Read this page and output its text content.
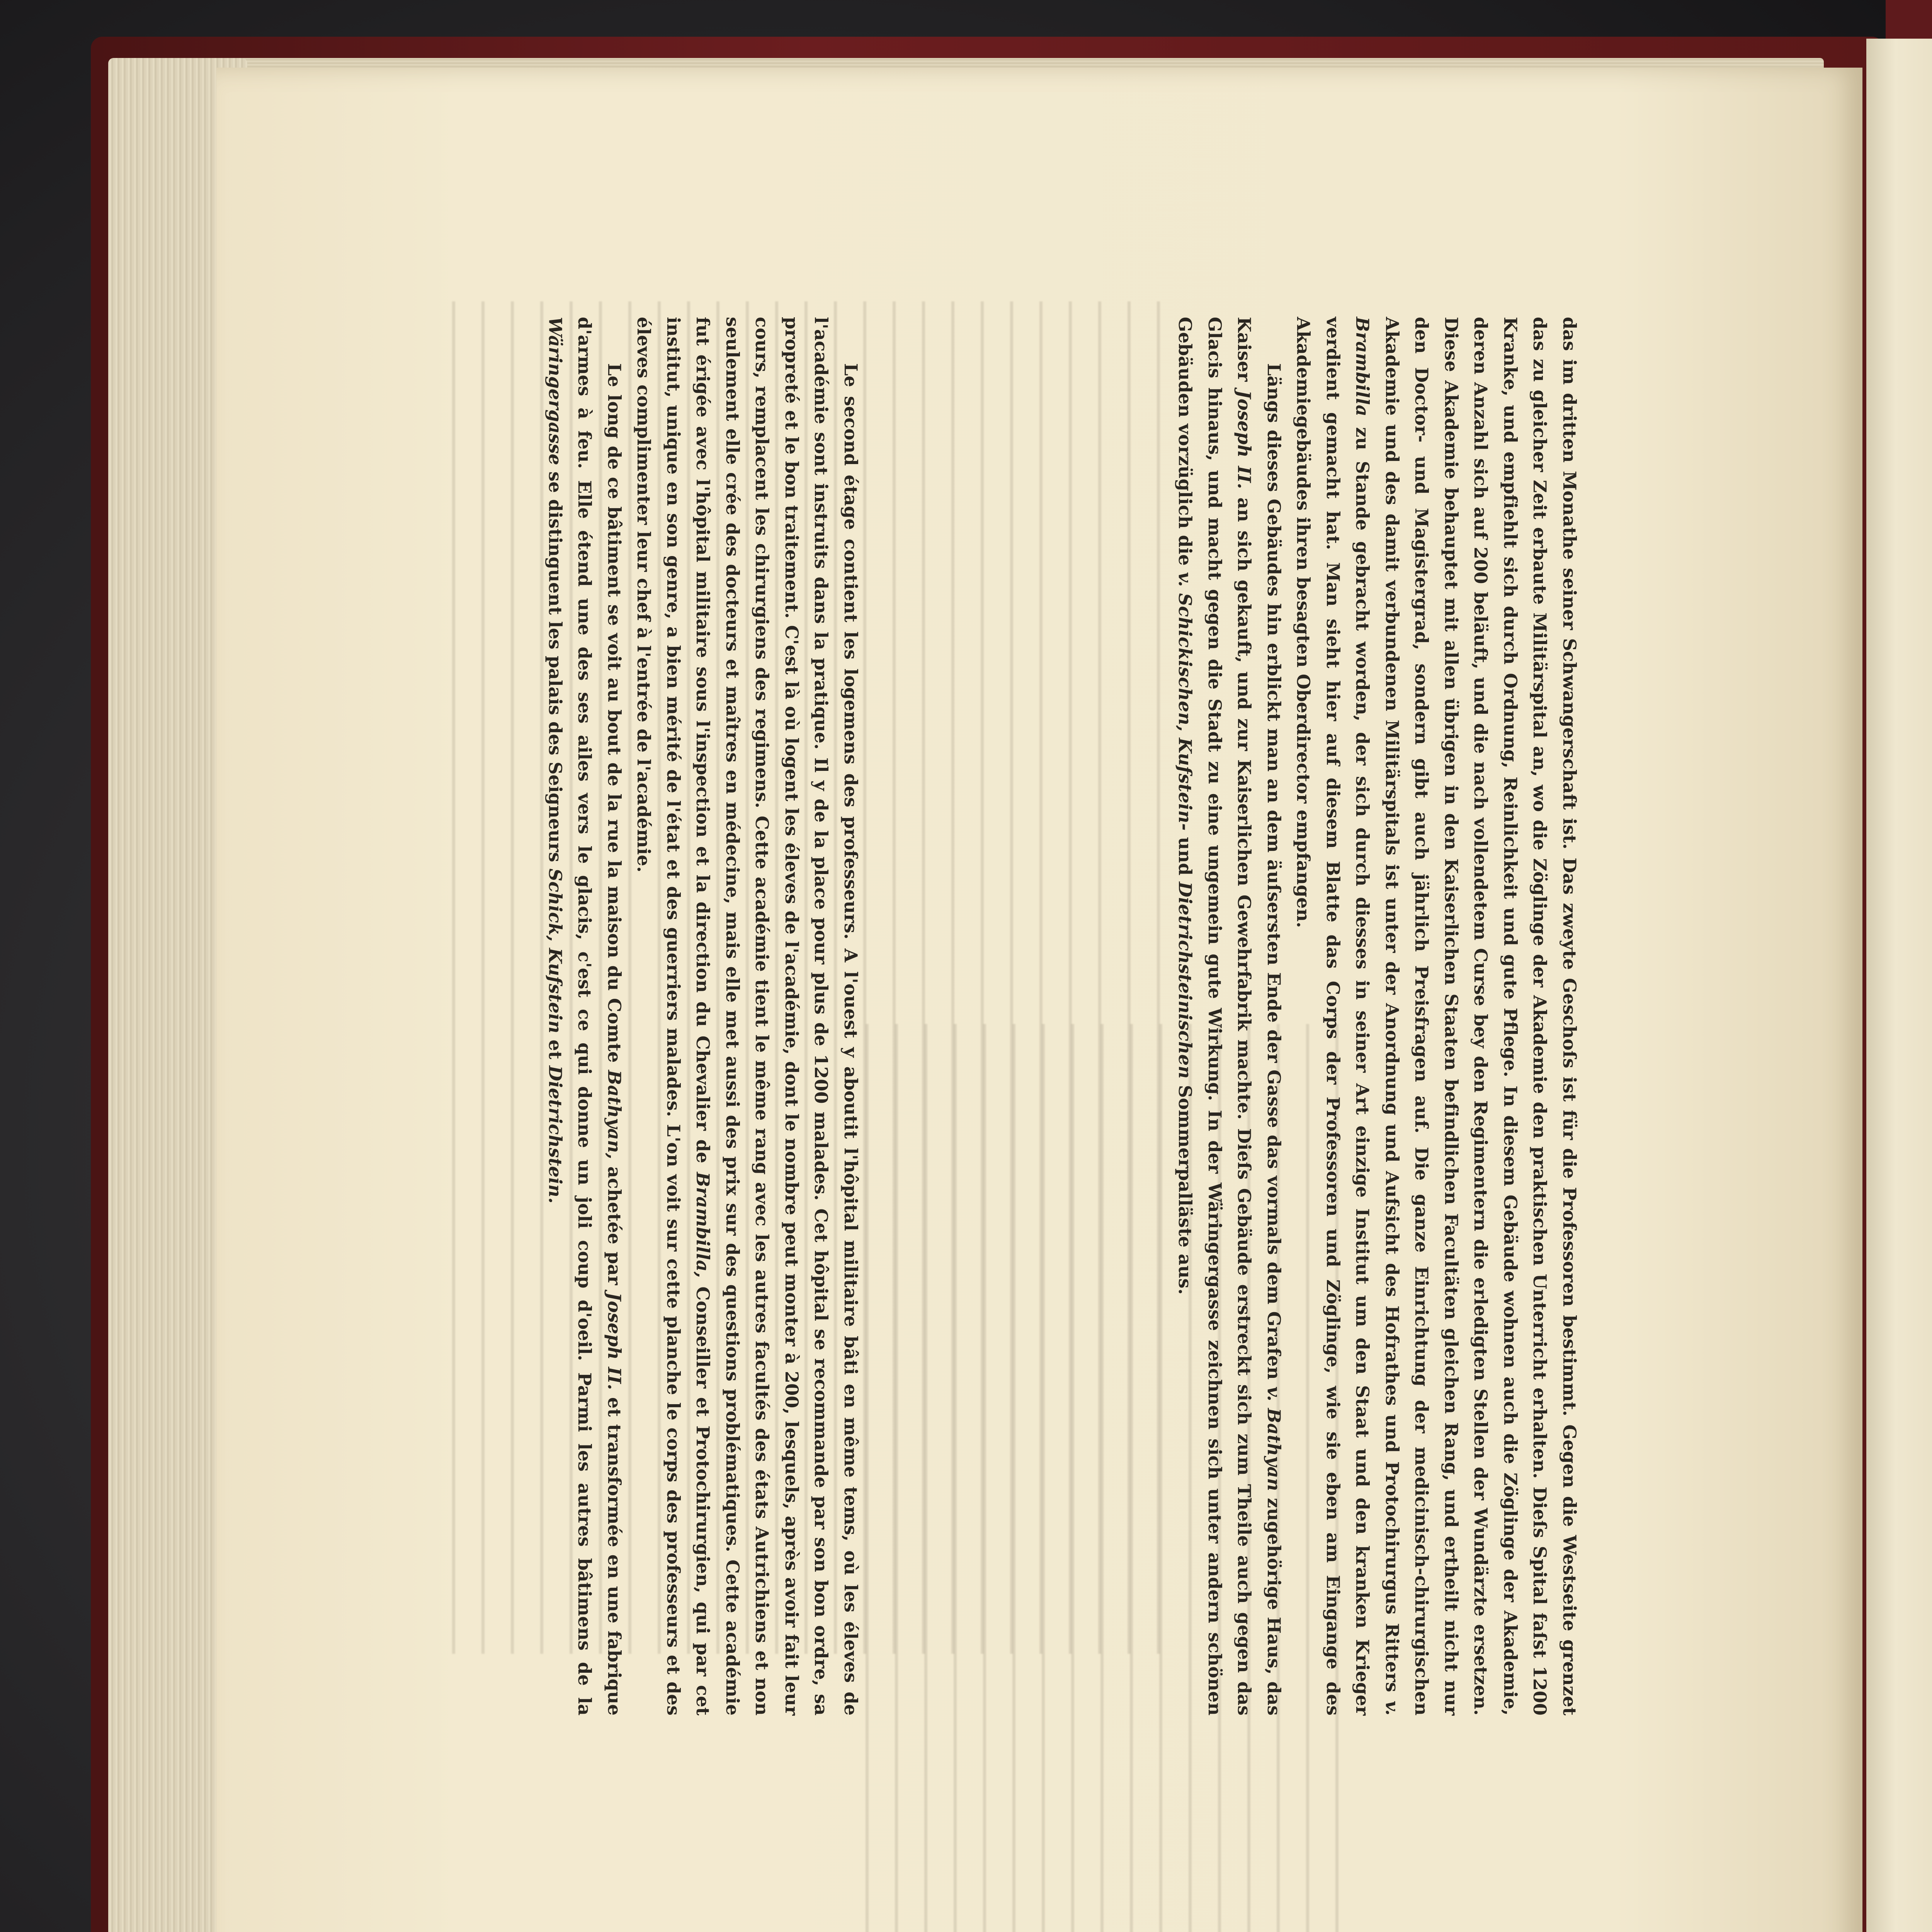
das im dritten Monathe seiner Schwangerschaft ist. Das zweyte Geschoſs ist für die Professoren bestimmt. Gegen die Westseite grenzet das zu gleicher Zeit erbaute Militärspital an, wo die Zöglinge der Akademie den praktischen Unterricht erhalten. Dieſs Spital faſst 1200 Kranke, und empfiehlt sich durch Ordnung, Reinlichkeit und gute Pflege. In diesem Gebäude wohnen auch die Zöglinge der Akademie, deren Anzahl sich auf 200 beläuft, und die nach vollendetem Curse bey den Regimentern die erledigten Stellen der Wundärzte ersetzen. Diese Akademie behauptet mit allen übrigen in den Kaiserlichen Staaten befindlichen Facultäten gleichen Rang, und ertheilt nicht nur den Doctor- und Magistergrad, sondern gibt auch jährlich Preisfragen auf. Die ganze Einrichtung der medicinisch-chirurgischen Akademie und des damit verbundenen Militärspitals ist unter der Anordnung und Aufsicht des Hofrathes und Protochirurgus Ritters v. Brambilla zu Stande gebracht worden, der sich durch diesses in seiner Art einzige Institut um den Staat und den kranken Krieger verdient gemacht hat. Man sieht hier auf diesem Blatte das Corps der Professoren und Zöglinge, wie sie eben am Eingange des Akademiegebäudes ihren besagten Oberdirector empfangen.

Längs dieses Gebäudes hin erblickt man an dem äuſsersten Ende der Gasse das vormals dem Grafen v. Bathyan zugehörige Haus, das Kaiser Joseph II. an sich gekauft, und zur Kaiserlichen Gewehrfabrik machte. Dieſs Gebäude erstreckt sich zum Theile auch gegen das Glacis hinaus, und macht gegen die Stadt zu eine ungemein gute Wirkung. In der Wäringergasse zeichnen sich unter andern schönen Gebäuden vorzüglich die v. Schickischen, Kufstein- und Dietrichsteinischen Sommerpalläste aus.

Le second étage contient les logemens des professeurs. A l'ouest y aboutit l'hôpital militaire bâti en même tems, où les éleves de l'académie sont instruits dans la pratique. Il y de la place pour plus de 1200 malades. Cet hôpital se recommande par son bon ordre, sa propreté et le bon traitement. C'est là où logent les éleves de l'académie, dont le nombre peut monter à 200, lesquels, après avoir fait leur cours, remplacent les chirurgiens des regimens. Cette académie tient le même rang avec les autres facultés des états Autrichiens et non seulement elle crée des docteurs et maîtres en médecine, mais elle met aussi des prix sur des questions problématiques. Cette académie fut érigée avec l'hôpital militaire sous l'inspection et la direction du Chevalier de Brambilla, Conseiller et Protochirurgien, qui par cet institut, unique en son genre, a bien mérité de l'état et des guerriers malades. L'on voit sur cette planche le corps des professeurs et des éleves complimenter leur chef à l'entrée de l'académie.

Le long de ce bâtiment se voit au bout de la rue la maison du Comte Bathyan, achetée par Joseph II. et transformée en une fabrique d'armes à feu. Elle étend une des ses ailes vers le glacis, c'est ce qui donne un joli coup d'oeil. Parmi les autres bâtimens de la Wäringergasse se distinguent les palais des Seigneurs Schick, Kufstein et Dietrichstein.
